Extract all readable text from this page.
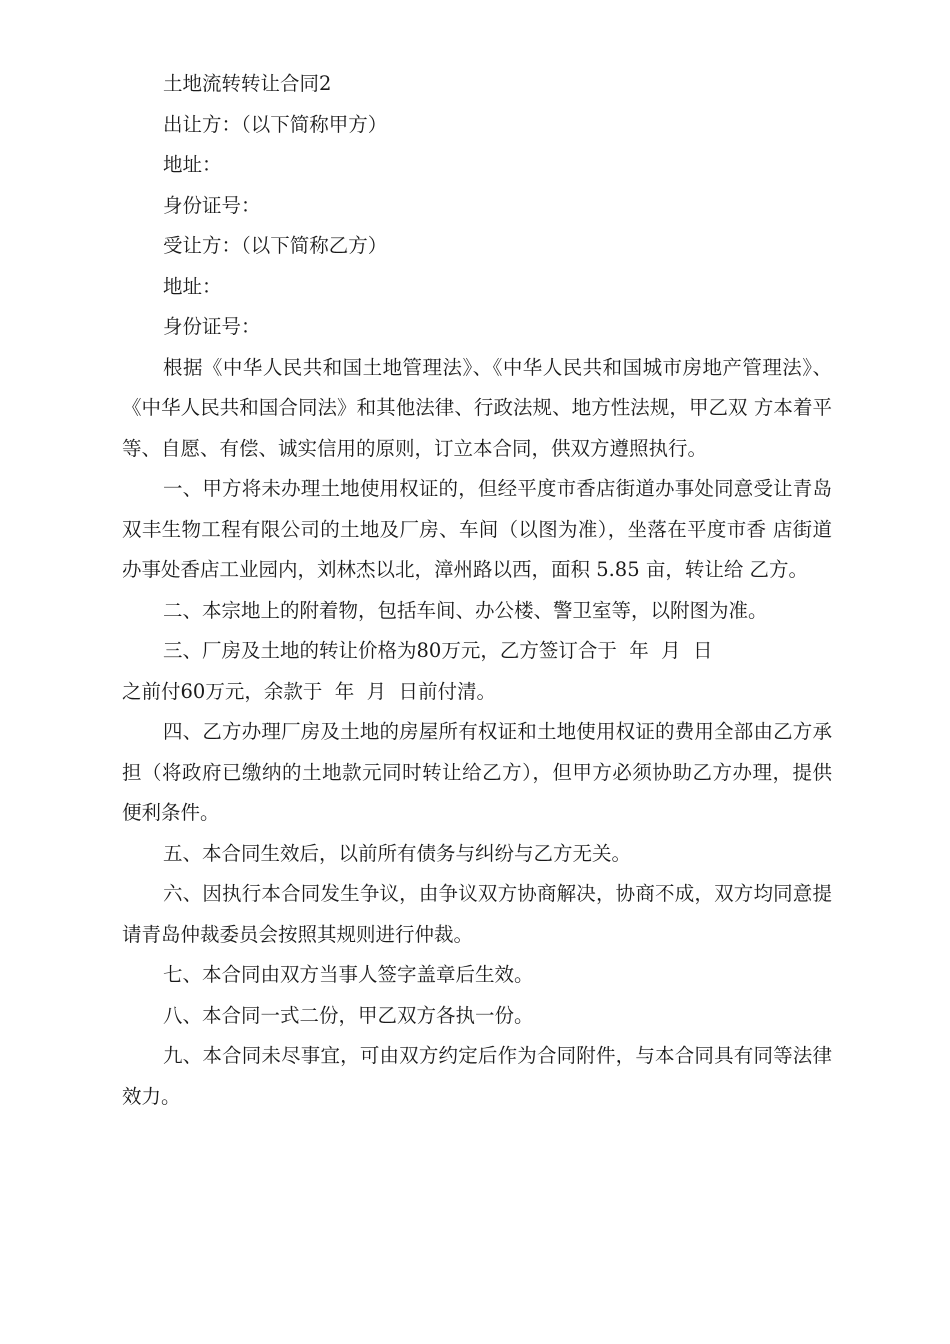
土地流转转让合同2

出让方：（以下简称甲方）

地址：

身份证号：

受让方：（以下简称乙方）

地址：

身份证号：

根据《中华人民共和国土地管理法》、《中华人民共和国城市房地产管理法》、《中华人民共和国合同法》和其他法律、行政法规、地方性法规，甲乙双 方本着平等、自愿、有偿、诚实信用的原则，订立本合同，供双方遵照执行。

一、甲方将未办理土地使用权证的，但经平度市香店街道办事处同意受让青岛双丰生物工程有限公司的土地及厂房、车间（以图为准），坐落在平度市香 店街道办事处香店工业园内，刘林杰以北，漳州路以西，面积 5.85 亩，转让给 乙方。

二、本宗地上的附着物，包括车间、办公楼、警卫室等，以附图为准。

三、厂房及土地的转让价格为80万元，乙方签订合于  年  月  日

之前付60万元，余款于  年  月  日前付清。

四、乙方办理厂房及土地的房屋所有权证和土地使用权证的费用全部由乙方承担（将政府已缴纳的土地款元同时转让给乙方），但甲方必须协助乙方办理，提供便利条件。

五、本合同生效后，以前所有债务与纠纷与乙方无关。

六、因执行本合同发生争议，由争议双方协商解决，协商不成，双方均同意提请青岛仲裁委员会按照其规则进行仲裁。

七、本合同由双方当事人签字盖章后生效。

八、本合同一式二份，甲乙双方各执一份。

九、本合同未尽事宜，可由双方约定后作为合同附件，与本合同具有同等法律效力。
